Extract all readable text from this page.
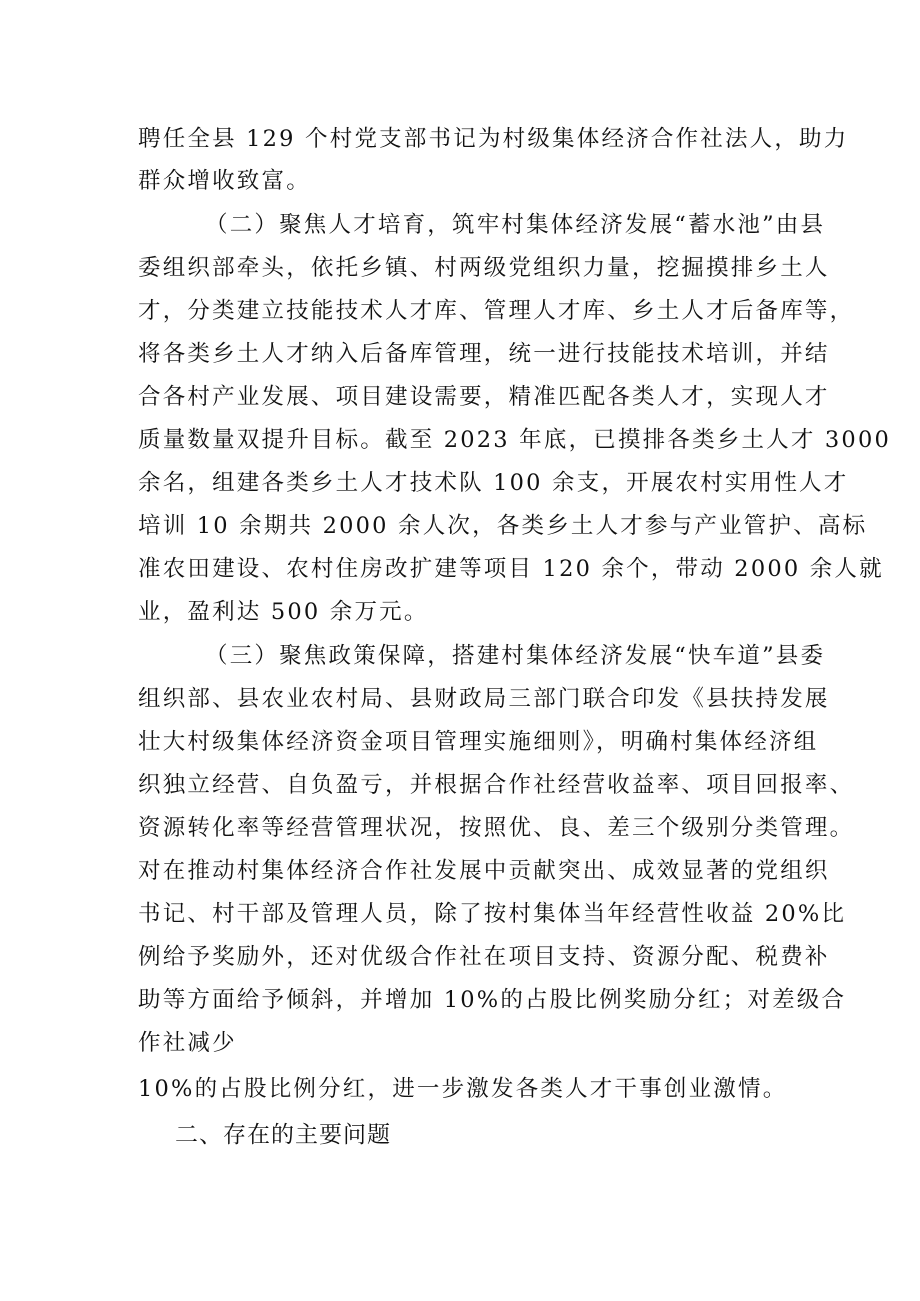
聘任全县 129 个村党支部书记为村级集体经济合作社法人，助力
群众增收致富。
（二）聚焦人才培育，筑牢村集体经济发展“蓄水池”由县
委组织部牵头，依托乡镇、村两级党组织力量，挖掘摸排乡土人
才，分类建立技能技术人才库、管理人才库、乡土人才后备库等，
将各类乡土人才纳入后备库管理，统一进行技能技术培训，并结
合各村产业发展、项目建设需要，精准匹配各类人才，实现人才
质量数量双提升目标。截至 2023 年底，已摸排各类乡土人才 3000
余名，组建各类乡土人才技术队 100 余支，开展农村实用性人才
培训 10 余期共 2000 余人次，各类乡土人才参与产业管护、高标
准农田建设、农村住房改扩建等项目 120 余个，带动 2000 余人就
业，盈利达 500 余万元。
（三）聚焦政策保障，搭建村集体经济发展“快车道”县委
组织部、县农业农村局、县财政局三部门联合印发《县扶持发展
壮大村级集体经济资金项目管理实施细则》，明确村集体经济组
织独立经营、自负盈亏，并根据合作社经营收益率、项目回报率、
资源转化率等经营管理状况，按照优、良、差三个级别分类管理。
对在推动村集体经济合作社发展中贡献突出、成效显著的党组织
书记、村干部及管理人员，除了按村集体当年经营性收益 20%比
例给予奖励外，还对优级合作社在项目支持、资源分配、税费补
助等方面给予倾斜，并增加 10%的占股比例奖励分红；对差级合
作社减少
10%的占股比例分红，进一步激发各类人才干事创业激情。
二、存在的主要问题
